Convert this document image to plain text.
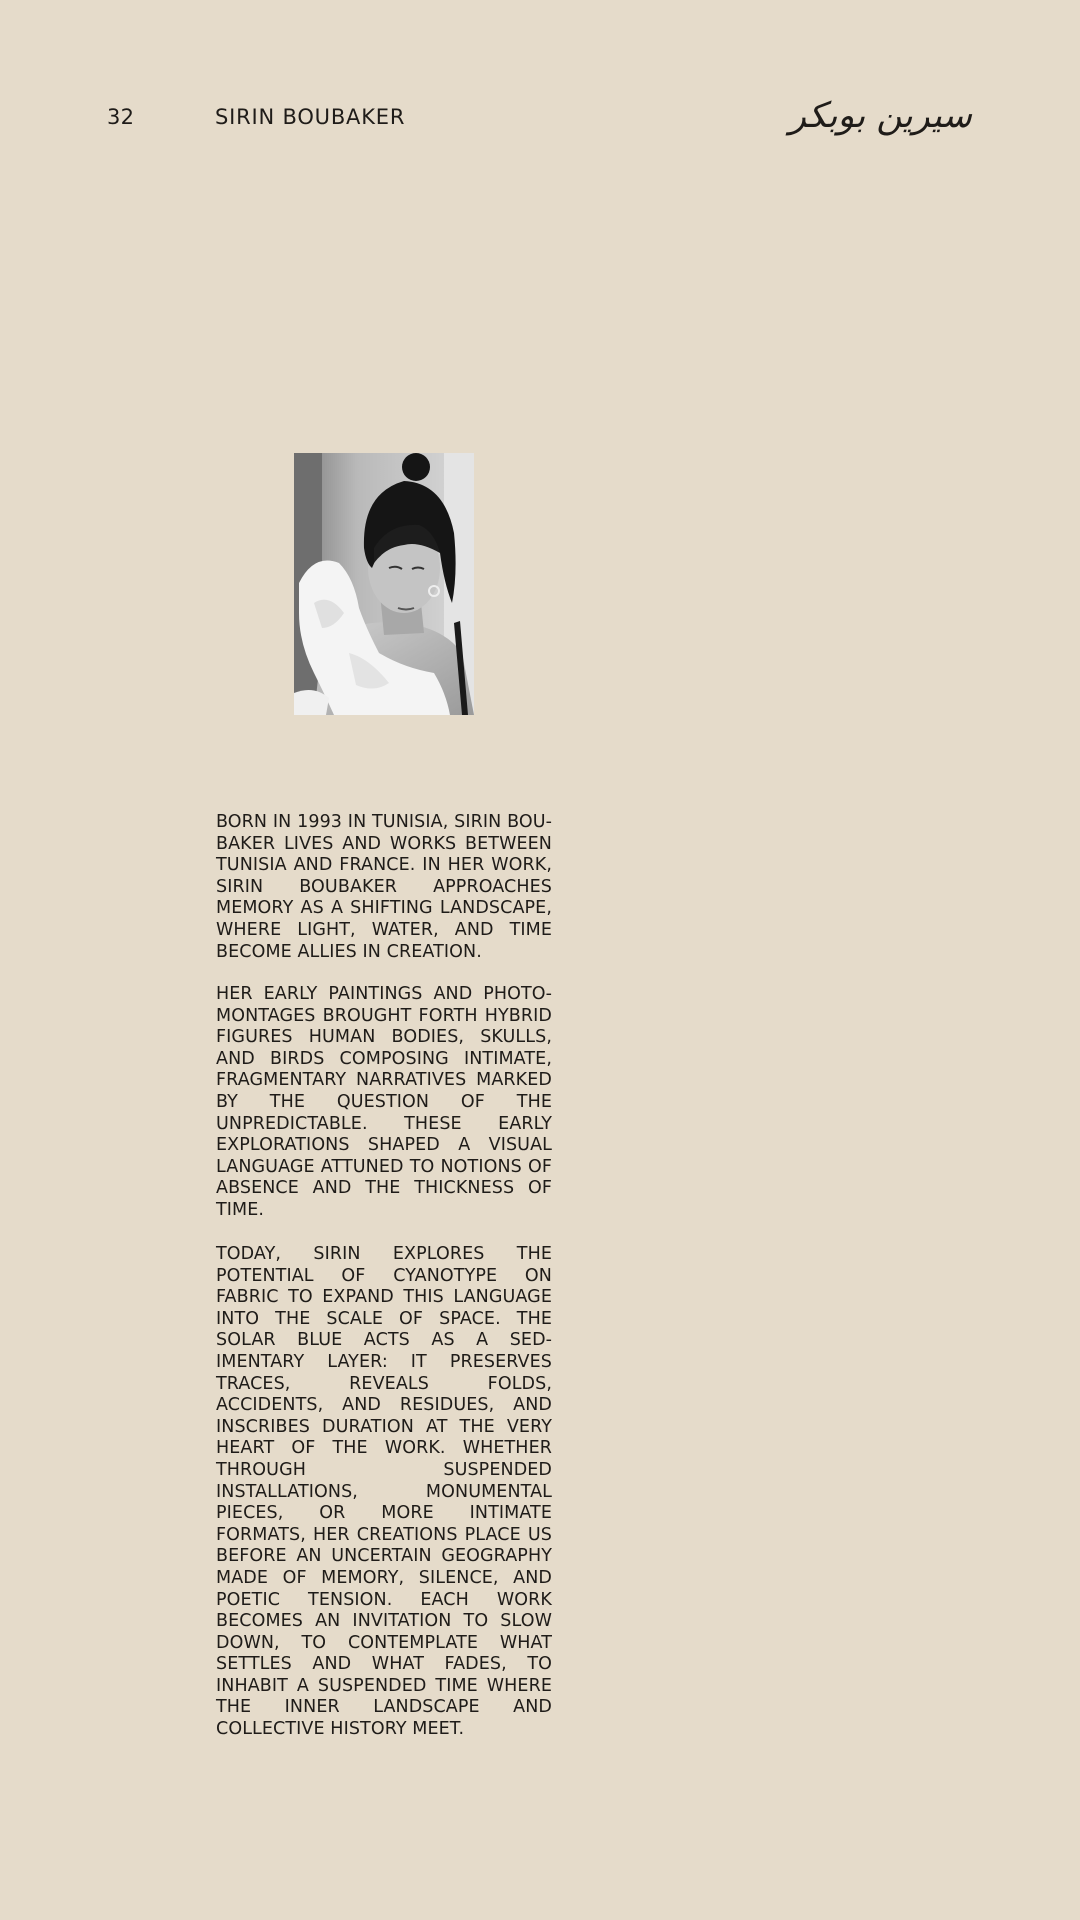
32	SIRIN BOUBAKER	سيرين بوبكر

BORN IN 1993 IN TUNISIA, SIRIN BOUBAKER LIVES AND WORKS BETWEEN TUNISIA AND FRANCE. IN HER WORK, SIRIN BOUBAKER APPROACHES MEMORY AS A SHIFTING LANDSCAPE, WHERE LIGHT, WATER, AND TIME BECOME ALLIES IN CREATION.

HER EARLY PAINTINGS AND PHOTOMONTAGES BROUGHT FORTH HYBRID FIGURES HUMAN BODIES, SKULLS, AND BIRDS COMPOSING INTIMATE, FRAGMENTARY NARRATIVES MARKED BY THE QUESTION OF THE UNPREDICTABLE. THESE EARLY EXPLORATIONS SHAPED A VISUAL LANGUAGE ATTUNED TO NOTIONS OF ABSENCE AND THE THICKNESS OF TIME.

TODAY, SIRIN EXPLORES THE POTENTIAL OF CYANOTYPE ON FABRIC TO EXPAND THIS LANGUAGE INTO THE SCALE OF SPACE. THE SOLAR BLUE ACTS AS A SEDIMENTARY LAYER: IT PRESERVES TRACES, REVEALS FOLDS, ACCIDENTS, AND RESIDUES, AND INSCRIBES DURATION AT THE VERY HEART OF THE WORK. WHETHER THROUGH SUSPENDED INSTALLATIONS, MONUMENTAL PIECES, OR MORE INTIMATE FORMATS, HER CREATIONS PLACE US BEFORE AN UNCERTAIN GEOGRAPHY MADE OF MEMORY, SILENCE, AND POETIC TENSION. EACH WORK BECOMES AN INVITATION TO SLOW DOWN, TO CONTEMPLATE WHAT SETTLES AND WHAT FADES, TO INHABIT A SUSPENDED TIME WHERE THE INNER LANDSCAPE AND COLLECTIVE HISTORY MEET.
